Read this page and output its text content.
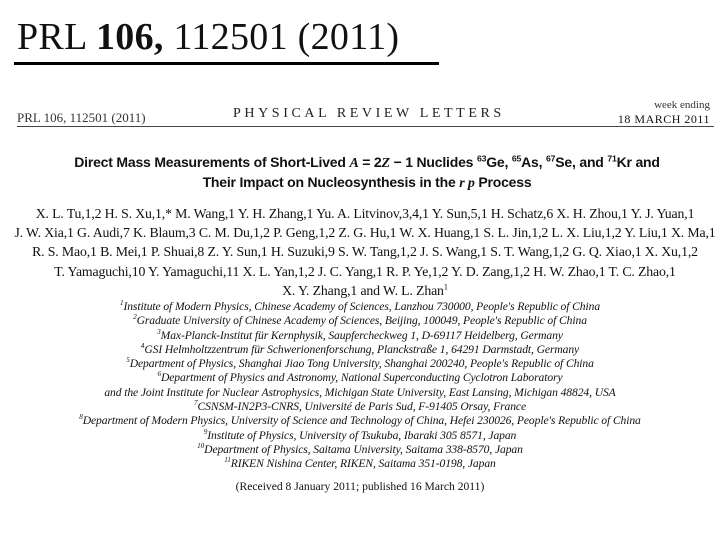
PRL 106, 112501 (2011)
PRL 106, 112501 (2011)	PHYSICAL REVIEW LETTERS
week ending
18 MARCH 2011
Direct Mass Measurements of Short-Lived A = 2Z − 1 Nuclides $^{63}$Ge, $^{65}$As, $^{67}$Se, and $^{71}$Kr and
Their Impact on Nucleosynthesis in the r p Process
X. L. Tu,1,2 H. S. Xu,1,* M. Wang,1 Y. H. Zhang,1 Yu. A. Litvinov,3,4,1 Y. Sun,5,1 H. Schatz,6 X. H. Zhou,1 Y. J. Yuan,1
J. W. Xia,1 G. Audi,7 K. Blaum,3 C. M. Du,1,2 P. Geng,1,2 Z. G. Hu,1 W. X. Huang,1 S. L. Jin,1,2 L. X. Liu,1,2 Y. Liu,1 X. Ma,1
R. S. Mao,1 B. Mei,1 P. Shuai,8 Z. Y. Sun,1 H. Suzuki,9 S. W. Tang,1,2 J. S. Wang,1 S. T. Wang,1,2 G. Q. Xiao,1 X. Xu,1,2
T. Yamaguchi,10 Y. Yamaguchi,11 X. L. Yan,1,2 J. C. Yang,1 R. P. Ye,1,2 Y. D. Zang,1,2 H. W. Zhao,1 T. C. Zhao,1
X. Y. Zhang,1 and W. L. Zhan$^1$
$^1$Institute of Modern Physics, Chinese Academy of Sciences, Lanzhou 730000, People's Republic of China
$^2$Graduate University of Chinese Academy of Sciences, Beijing, 100049, People's Republic of China
$^3$Max-Planck-Institut für Kernphysik, Saupfercheckweg 1, D-69117 Heidelberg, Germany
$^4$GSI Helmholtzzentrum für Schwerionenforschung, Planckstraße 1, 64291 Darmstadt, Germany
$^5$Department of Physics, Shanghai Jiao Tong University, Shanghai 200240, People's Republic of China
$^6$Department of Physics and Astronomy, National Superconducting Cyclotron Laboratory
and the Joint Institute for Nuclear Astrophysics, Michigan State University, East Lansing, Michigan 48824, USA
$^7$CSNSM-IN2P3-CNRS, Université de Paris Sud, F-91405 Orsay, France
$^8$Department of Modern Physics, University of Science and Technology of China, Hefei 230026, People's Republic of China
$^9$Institute of Physics, University of Tsukuba, Ibaraki 305 8571, Japan
$^{10}$Department of Physics, Saitama University, Saitama 338-8570, Japan
$^{11}$RIKEN Nishina Center, RIKEN, Saitama 351-0198, Japan
(Received 8 January 2011; published 16 March 2011)
